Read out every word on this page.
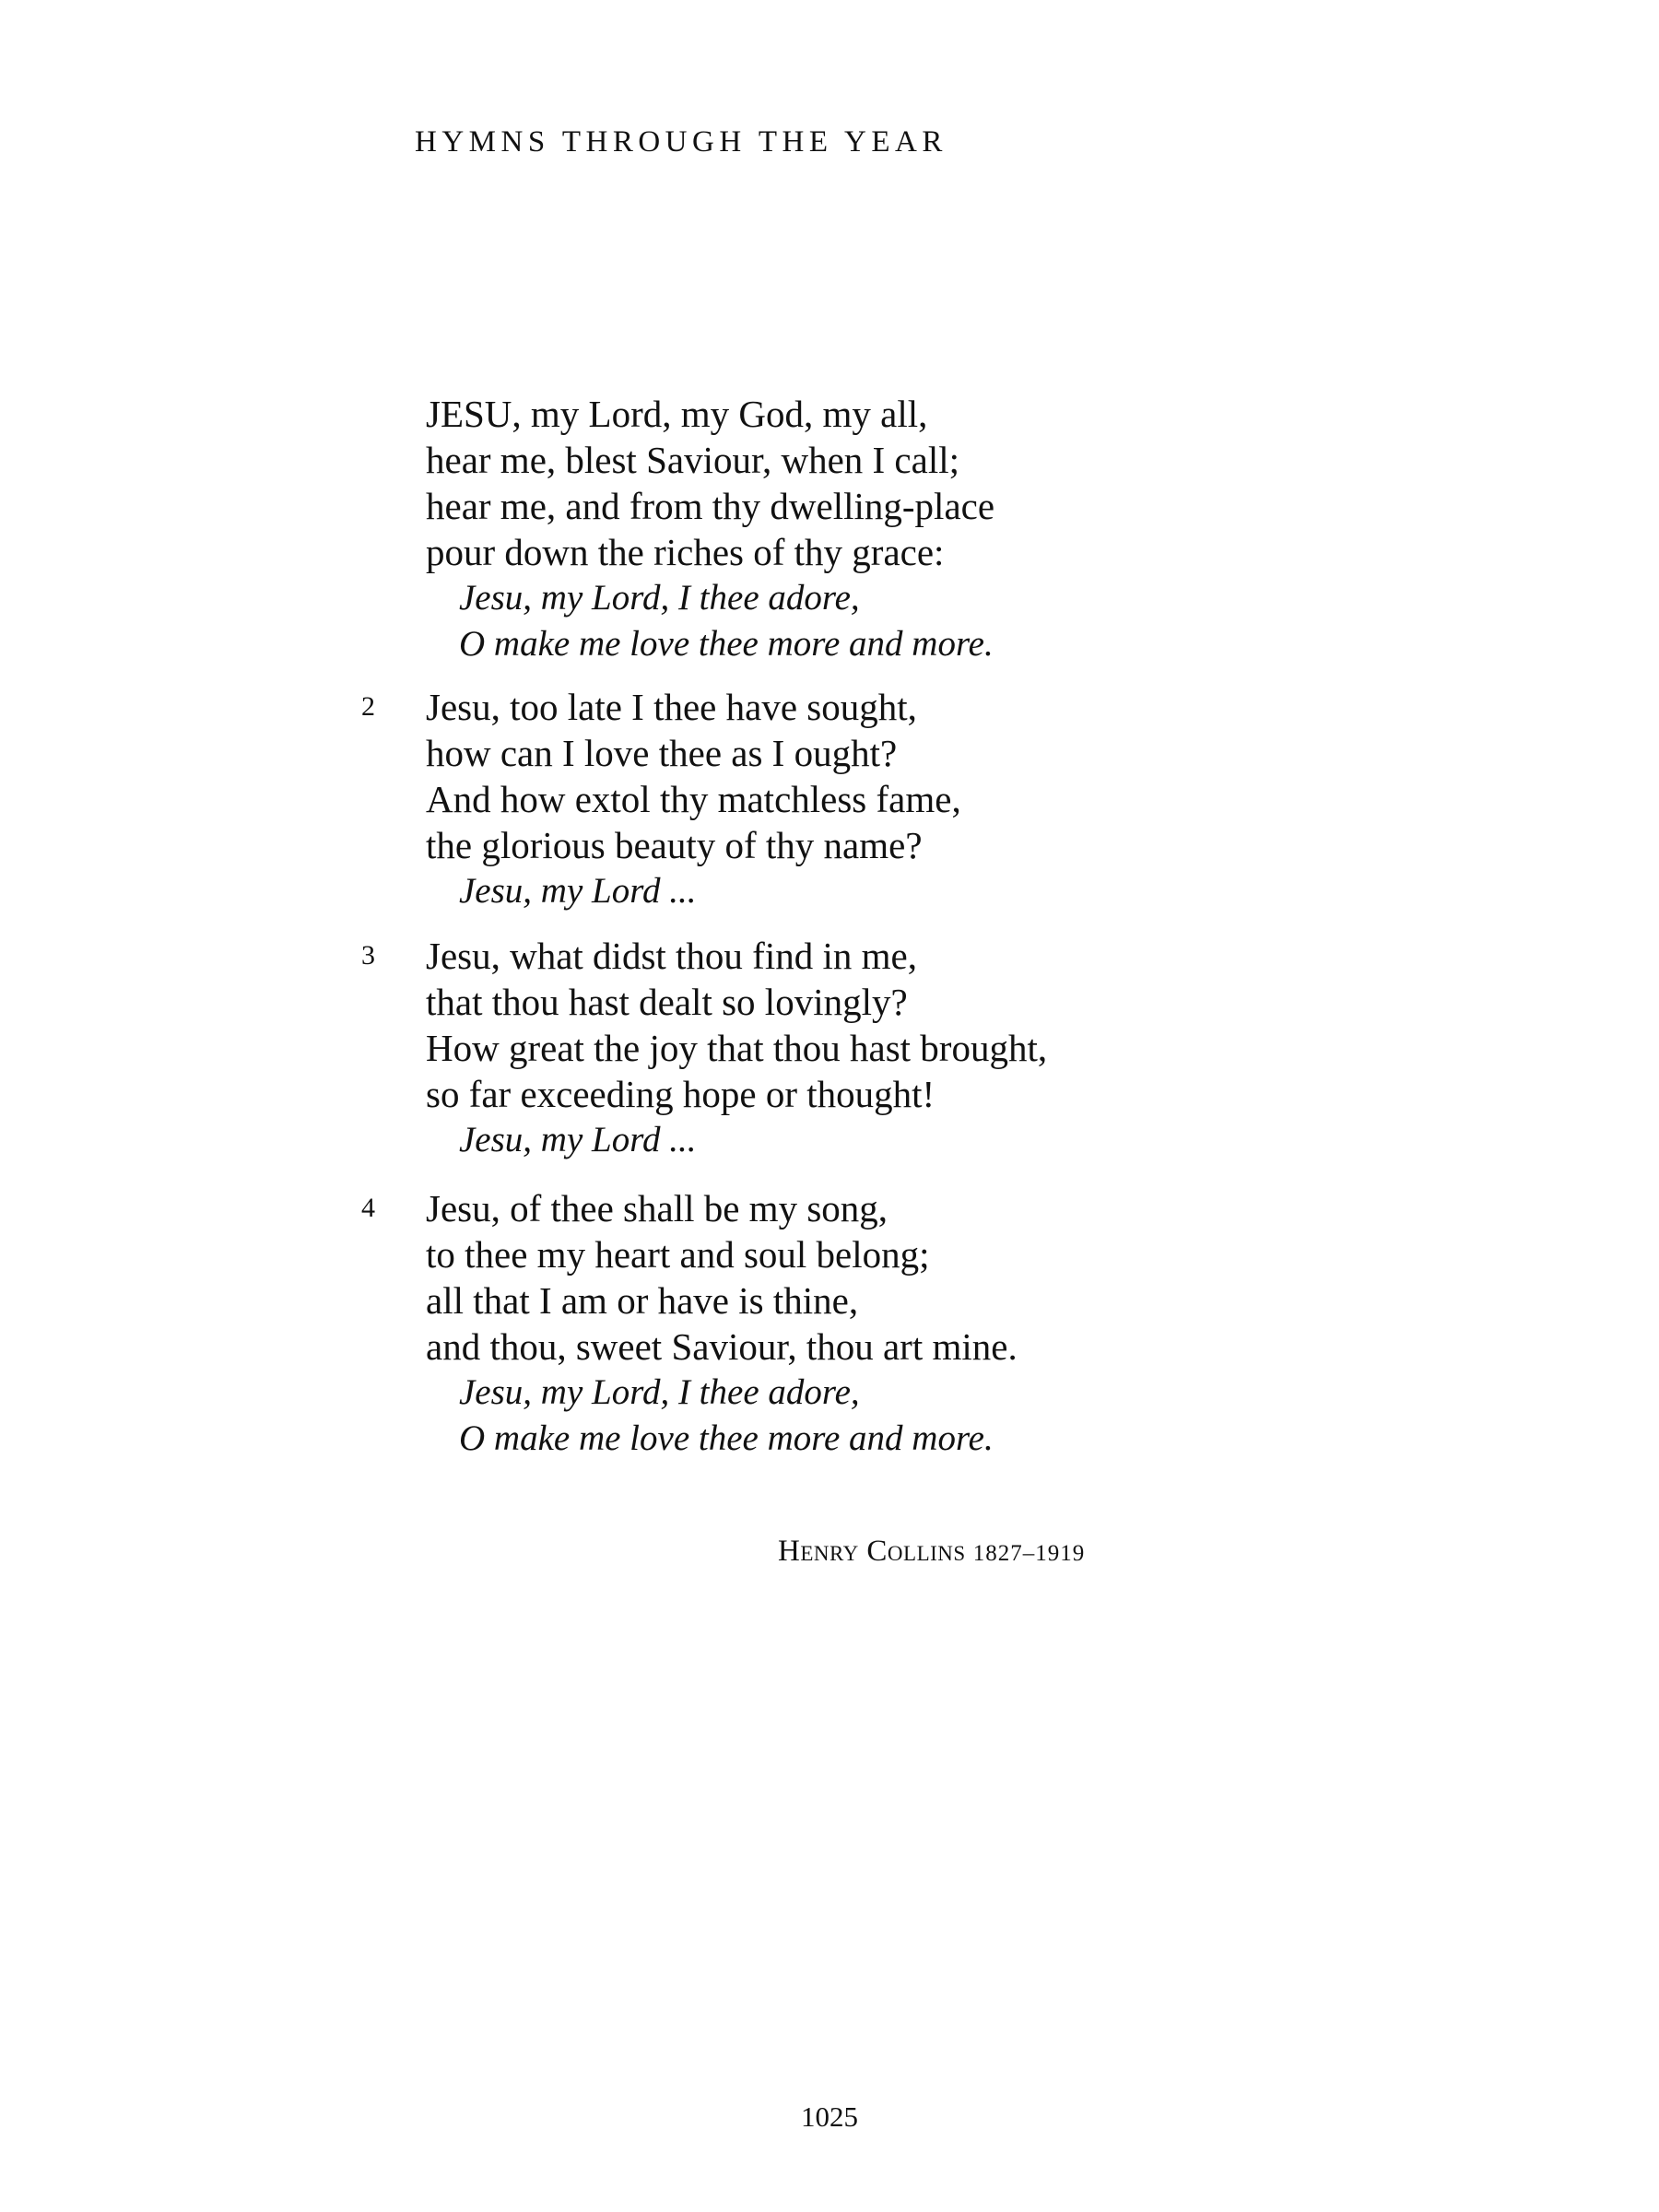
HYMNS THROUGH THE YEAR
JESU, my Lord, my God, my all,
hear me, blest Saviour, when I call;
hear me, and from thy dwelling-place
pour down the riches of thy grace:
Jesu, my Lord, I thee adore,
O make me love thee more and more.
2 Jesu, too late I thee have sought,
how can I love thee as I ought?
And how extol thy matchless fame,
the glorious beauty of thy name?
Jesu, my Lord ...
3 Jesu, what didst thou find in me,
that thou hast dealt so lovingly?
How great the joy that thou hast brought,
so far exceeding hope or thought!
Jesu, my Lord ...
4 Jesu, of thee shall be my song,
to thee my heart and soul belong;
all that I am or have is thine,
and thou, sweet Saviour, thou art mine.
Jesu, my Lord, I thee adore,
O make me love thee more and more.
Henry Collins 1827–1919
1025
